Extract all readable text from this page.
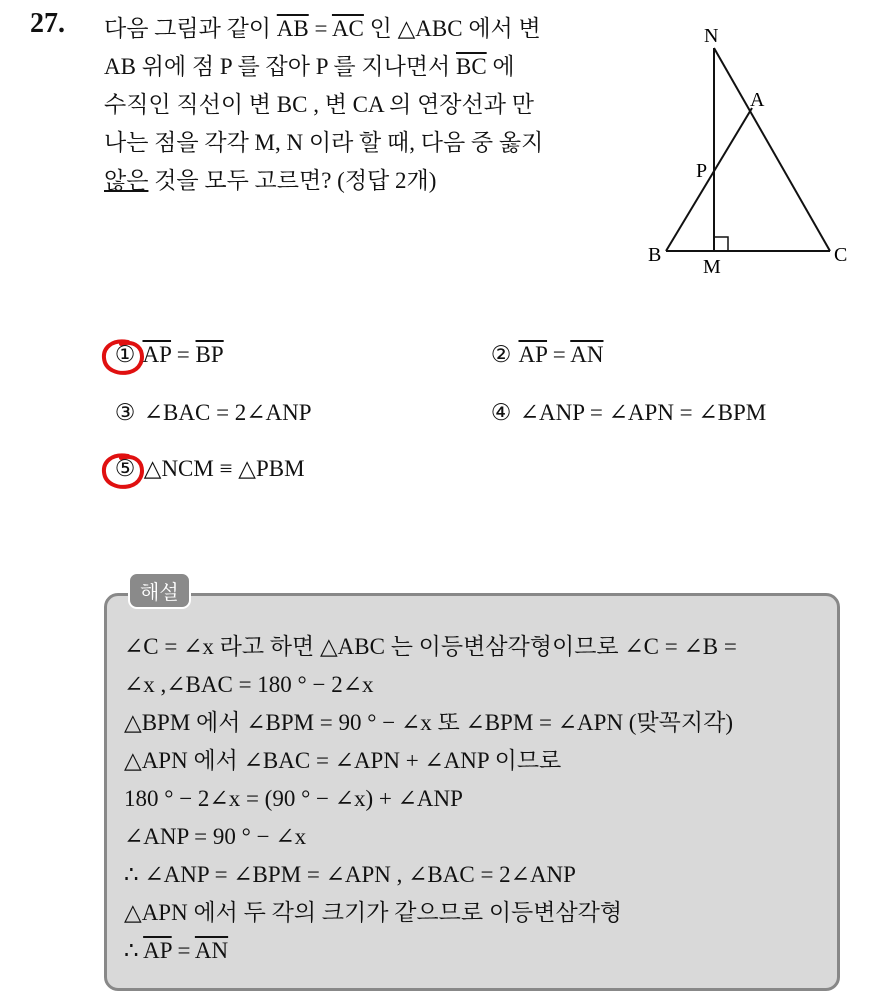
27. 다음 그림과 같이 $\overline{AB} = \overline{AC}$ 인 △ABC 에서 변
AB 위에 점 P 를 잡아 P 를 지나면서 $\overline{BC}$ 에
수직인 직선이 변 BC , 변 CA 의 연장선과 만
나는 점을 각각 M, N 이라 할 때, 다음 중 옳지
않은 것을 모두 고르면? (정답 2개)
N
A
P
B
M
C
① $\overline{AP} = \overline{BP}$	② $\overline{AP} = \overline{AN}$
③ ∠BAC = 2∠ANP	④ ∠ANP = ∠APN = ∠BPM
⑤ △NCM ≡ △PBM
해설
∠C = ∠x 라고 하면 △ABC 는 이등변삼각형이므로 ∠C = ∠B =
∠x ,∠BAC = 180 ° − 2∠x
△BPM 에서 ∠BPM = 90 ° − ∠x 또 ∠BPM = ∠APN (맞꼭지각)
△APN 에서 ∠BAC = ∠APN + ∠ANP 이므로
180 ° − 2∠x = (90 ° − ∠x) + ∠ANP
∠ANP = 90 ° − ∠x
∴ ∠ANP = ∠BPM = ∠APN , ∠BAC = 2∠ANP
△APN 에서 두 각의 크기가 같으므로 이등변삼각형
∴ $\overline{AP} = \overline{AN}$
